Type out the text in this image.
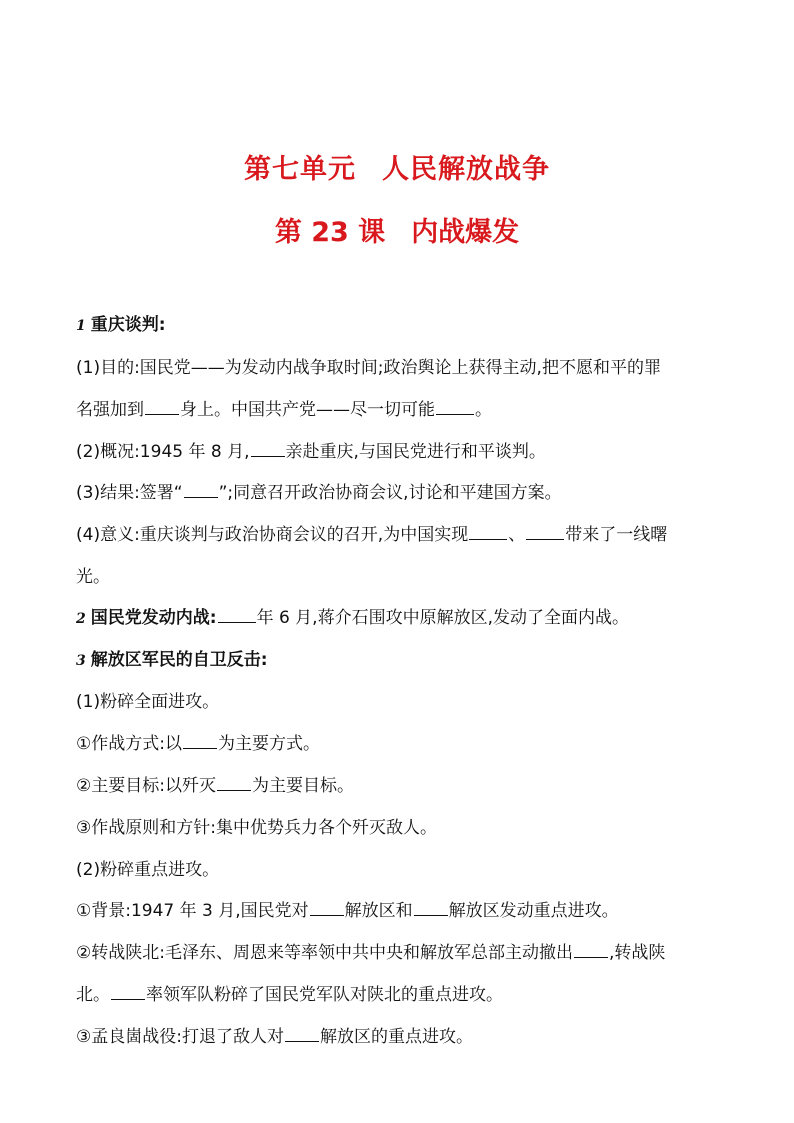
第七单元 人民解放战争

第 23 课 内战爆发

1 重庆谈判:
(1)目的:国民党——为发动内战争取时间;政治舆论上获得主动,把不愿和平的罪
名强加到 身上。中国共产党——尽一切可能 。
(2)概况:1945 年 8 月, 亲赴重庆,与国民党进行和平谈判。
(3)结果:签署“ ”;同意召开政治协商会议,讨论和平建国方案。
(4)意义:重庆谈判与政治协商会议的召开,为中国实现 、 带来了一线曙
光。
2 国民党发动内战: 年 6 月,蒋介石围攻中原解放区,发动了全面内战。
3 解放区军民的自卫反击:
(1)粉碎全面进攻。
①作战方式:以 为主要方式。
②主要目标:以歼灭 为主要目标。
③作战原则和方针:集中优势兵力各个歼灭敌人。
(2)粉碎重点进攻。
①背景:1947 年 3 月,国民党对 解放区和 解放区发动重点进攻。
②转战陕北:毛泽东、周恩来等率领中共中央和解放军总部主动撤出 ,转战陕
北。 率领军队粉碎了国民党军队对陕北的重点进攻。
③孟良崮战役:打退了敌人对 解放区的重点进攻。
